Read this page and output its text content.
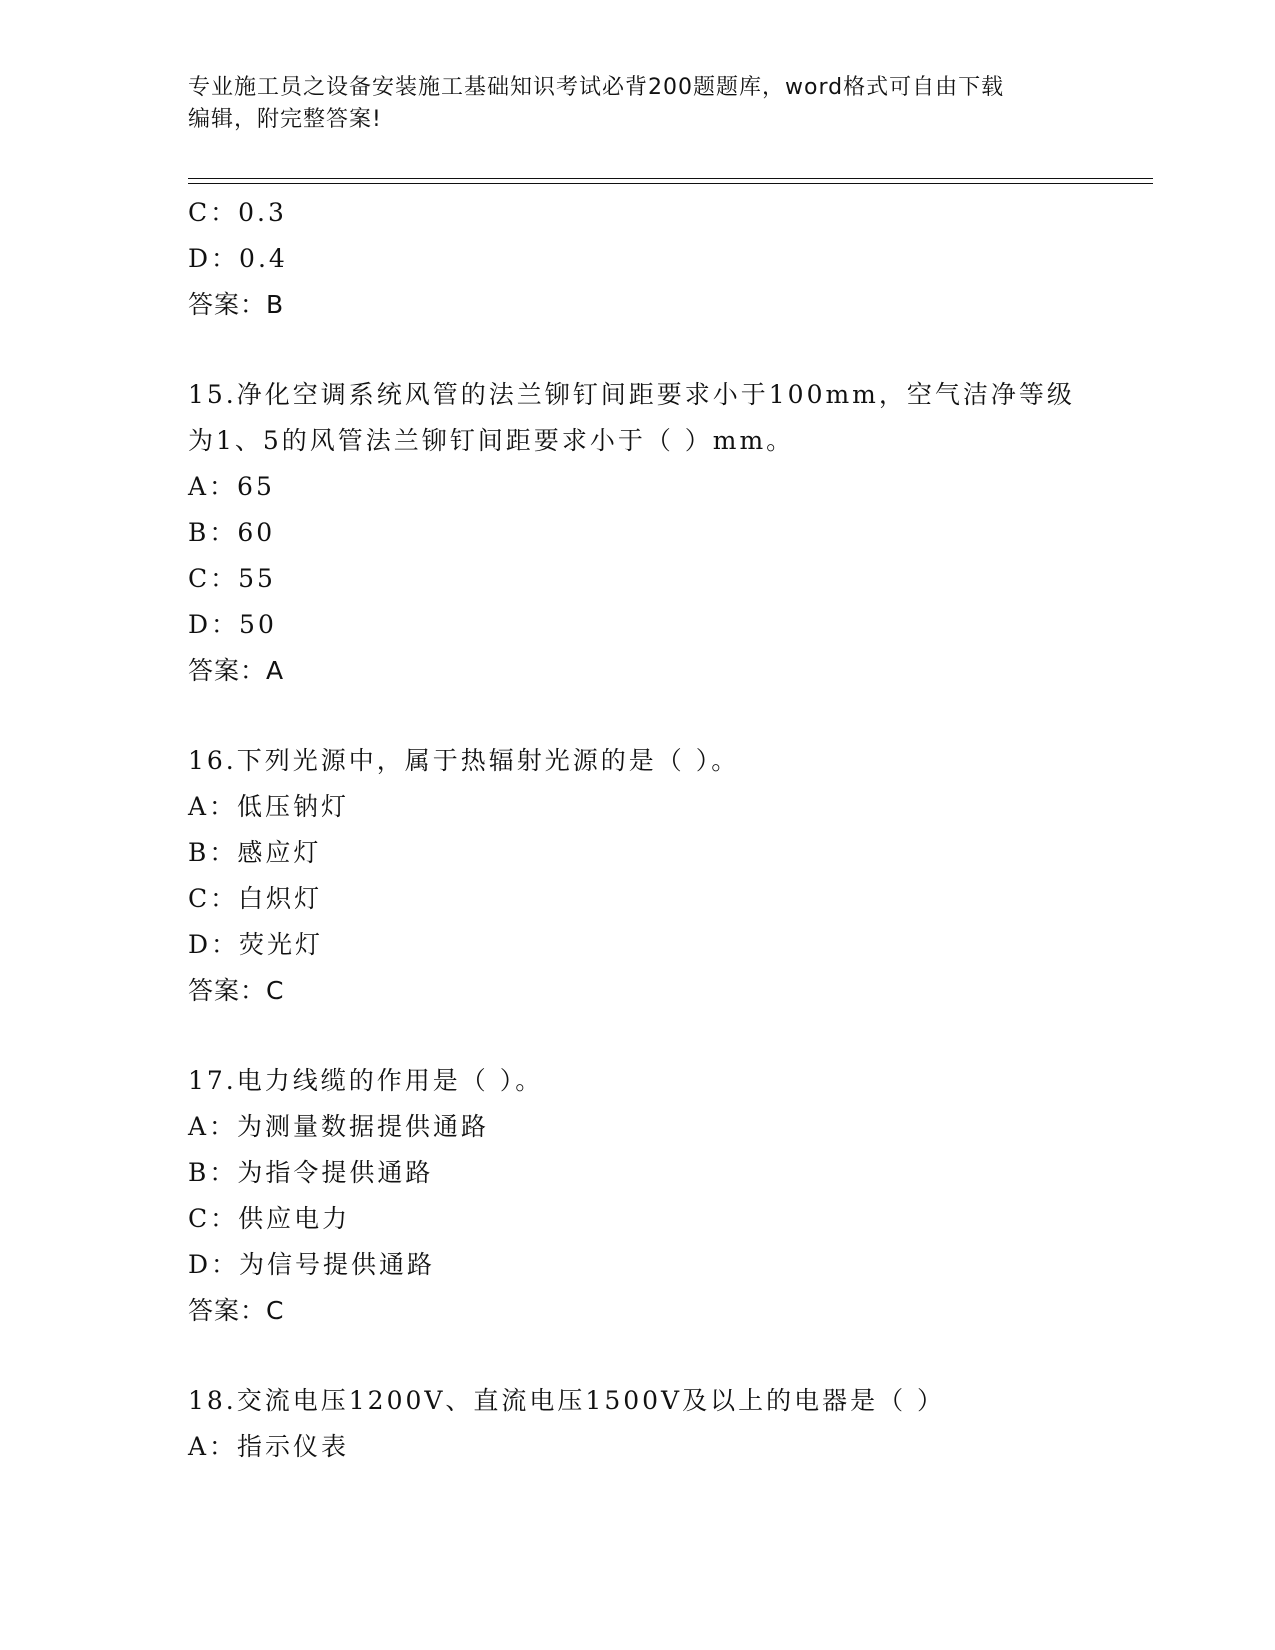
专业施工员之设备安装施工基础知识考试必背200题题库，word格式可自由下载
编辑，附完整答案!
C：0.3
D：0.4
答案：B
15.净化空调系统风管的法兰铆钉间距要求小于100mm，空气洁净等级
为1、5的风管法兰铆钉间距要求小于（ ）mm。
A：65
B：60
C：55
D：50
答案：A
16.下列光源中，属于热辐射光源的是（ ）。
A：低压钠灯
B：感应灯
C：白炽灯
D：荧光灯
答案：C
17.电力线缆的作用是（ ）。
A：为测量数据提供通路
B：为指令提供通路
C：供应电力
D：为信号提供通路
答案：C
18.交流电压1200V、直流电压1500V及以上的电器是（ ）
A：指示仪表
